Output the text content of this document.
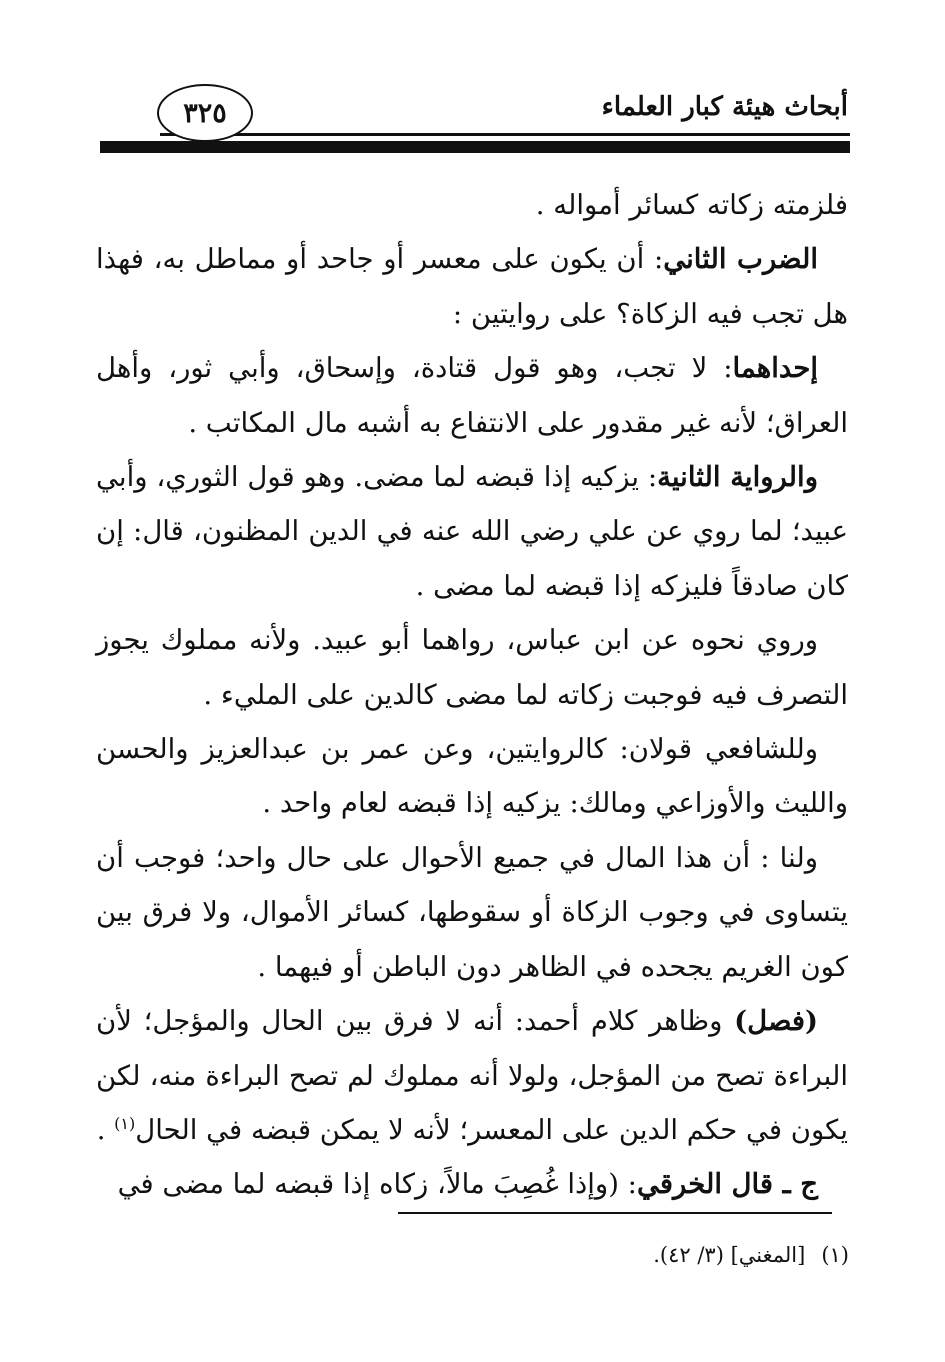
أبحاث هيئة كبار العلماء
٣٢٥

فلزمته زكاته كسائر أمواله .

الضرب الثاني: أن يكون على معسر أو جاحد أو مماطل به، فهذا هل تجب فيه الزكاة؟ على روايتين :

إحداهما: لا تجب، وهو قول قتادة، وإسحاق، وأبي ثور، وأهل العراق؛ لأنه غير مقدور على الانتفاع به أشبه مال المكاتب .

والرواية الثانية: يزكيه إذا قبضه لما مضى. وهو قول الثوري، وأبي عبيد؛ لما روي عن علي رضي الله عنه في الدين المظنون، قال: إن كان صادقاً فليزكه إذا قبضه لما مضى .

وروي نحوه عن ابن عباس، رواهما أبو عبيد. ولأنه مملوك يجوز التصرف فيه فوجبت زكاته لما مضى كالدين على المليء .

وللشافعي قولان: كالروايتين، وعن عمر بن عبدالعزيز والحسن والليث والأوزاعي ومالك: يزكيه إذا قبضه لعام واحد .

ولنا : أن هذا المال في جميع الأحوال على حال واحد؛ فوجب أن يتساوى في وجوب الزكاة أو سقوطها، كسائر الأموال، ولا فرق بين كون الغريم يجحده في الظاهر دون الباطن أو فيهما .

(فصل) وظاهر كلام أحمد: أنه لا فرق بين الحال والمؤجل؛ لأن البراءة تصح من المؤجل، ولولا أنه مملوك لم تصح البراءة منه، لكن يكون في حكم الدين على المعسر؛ لأنه لا يمكن قبضه في الحال$^{(١)}$ .

ج ـ قال الخرقي: (وإذا غُصِبَ مالاً، زكاه إذا قبضه لما مضى في

(١)[المغني] (٣/ ٤٢).
